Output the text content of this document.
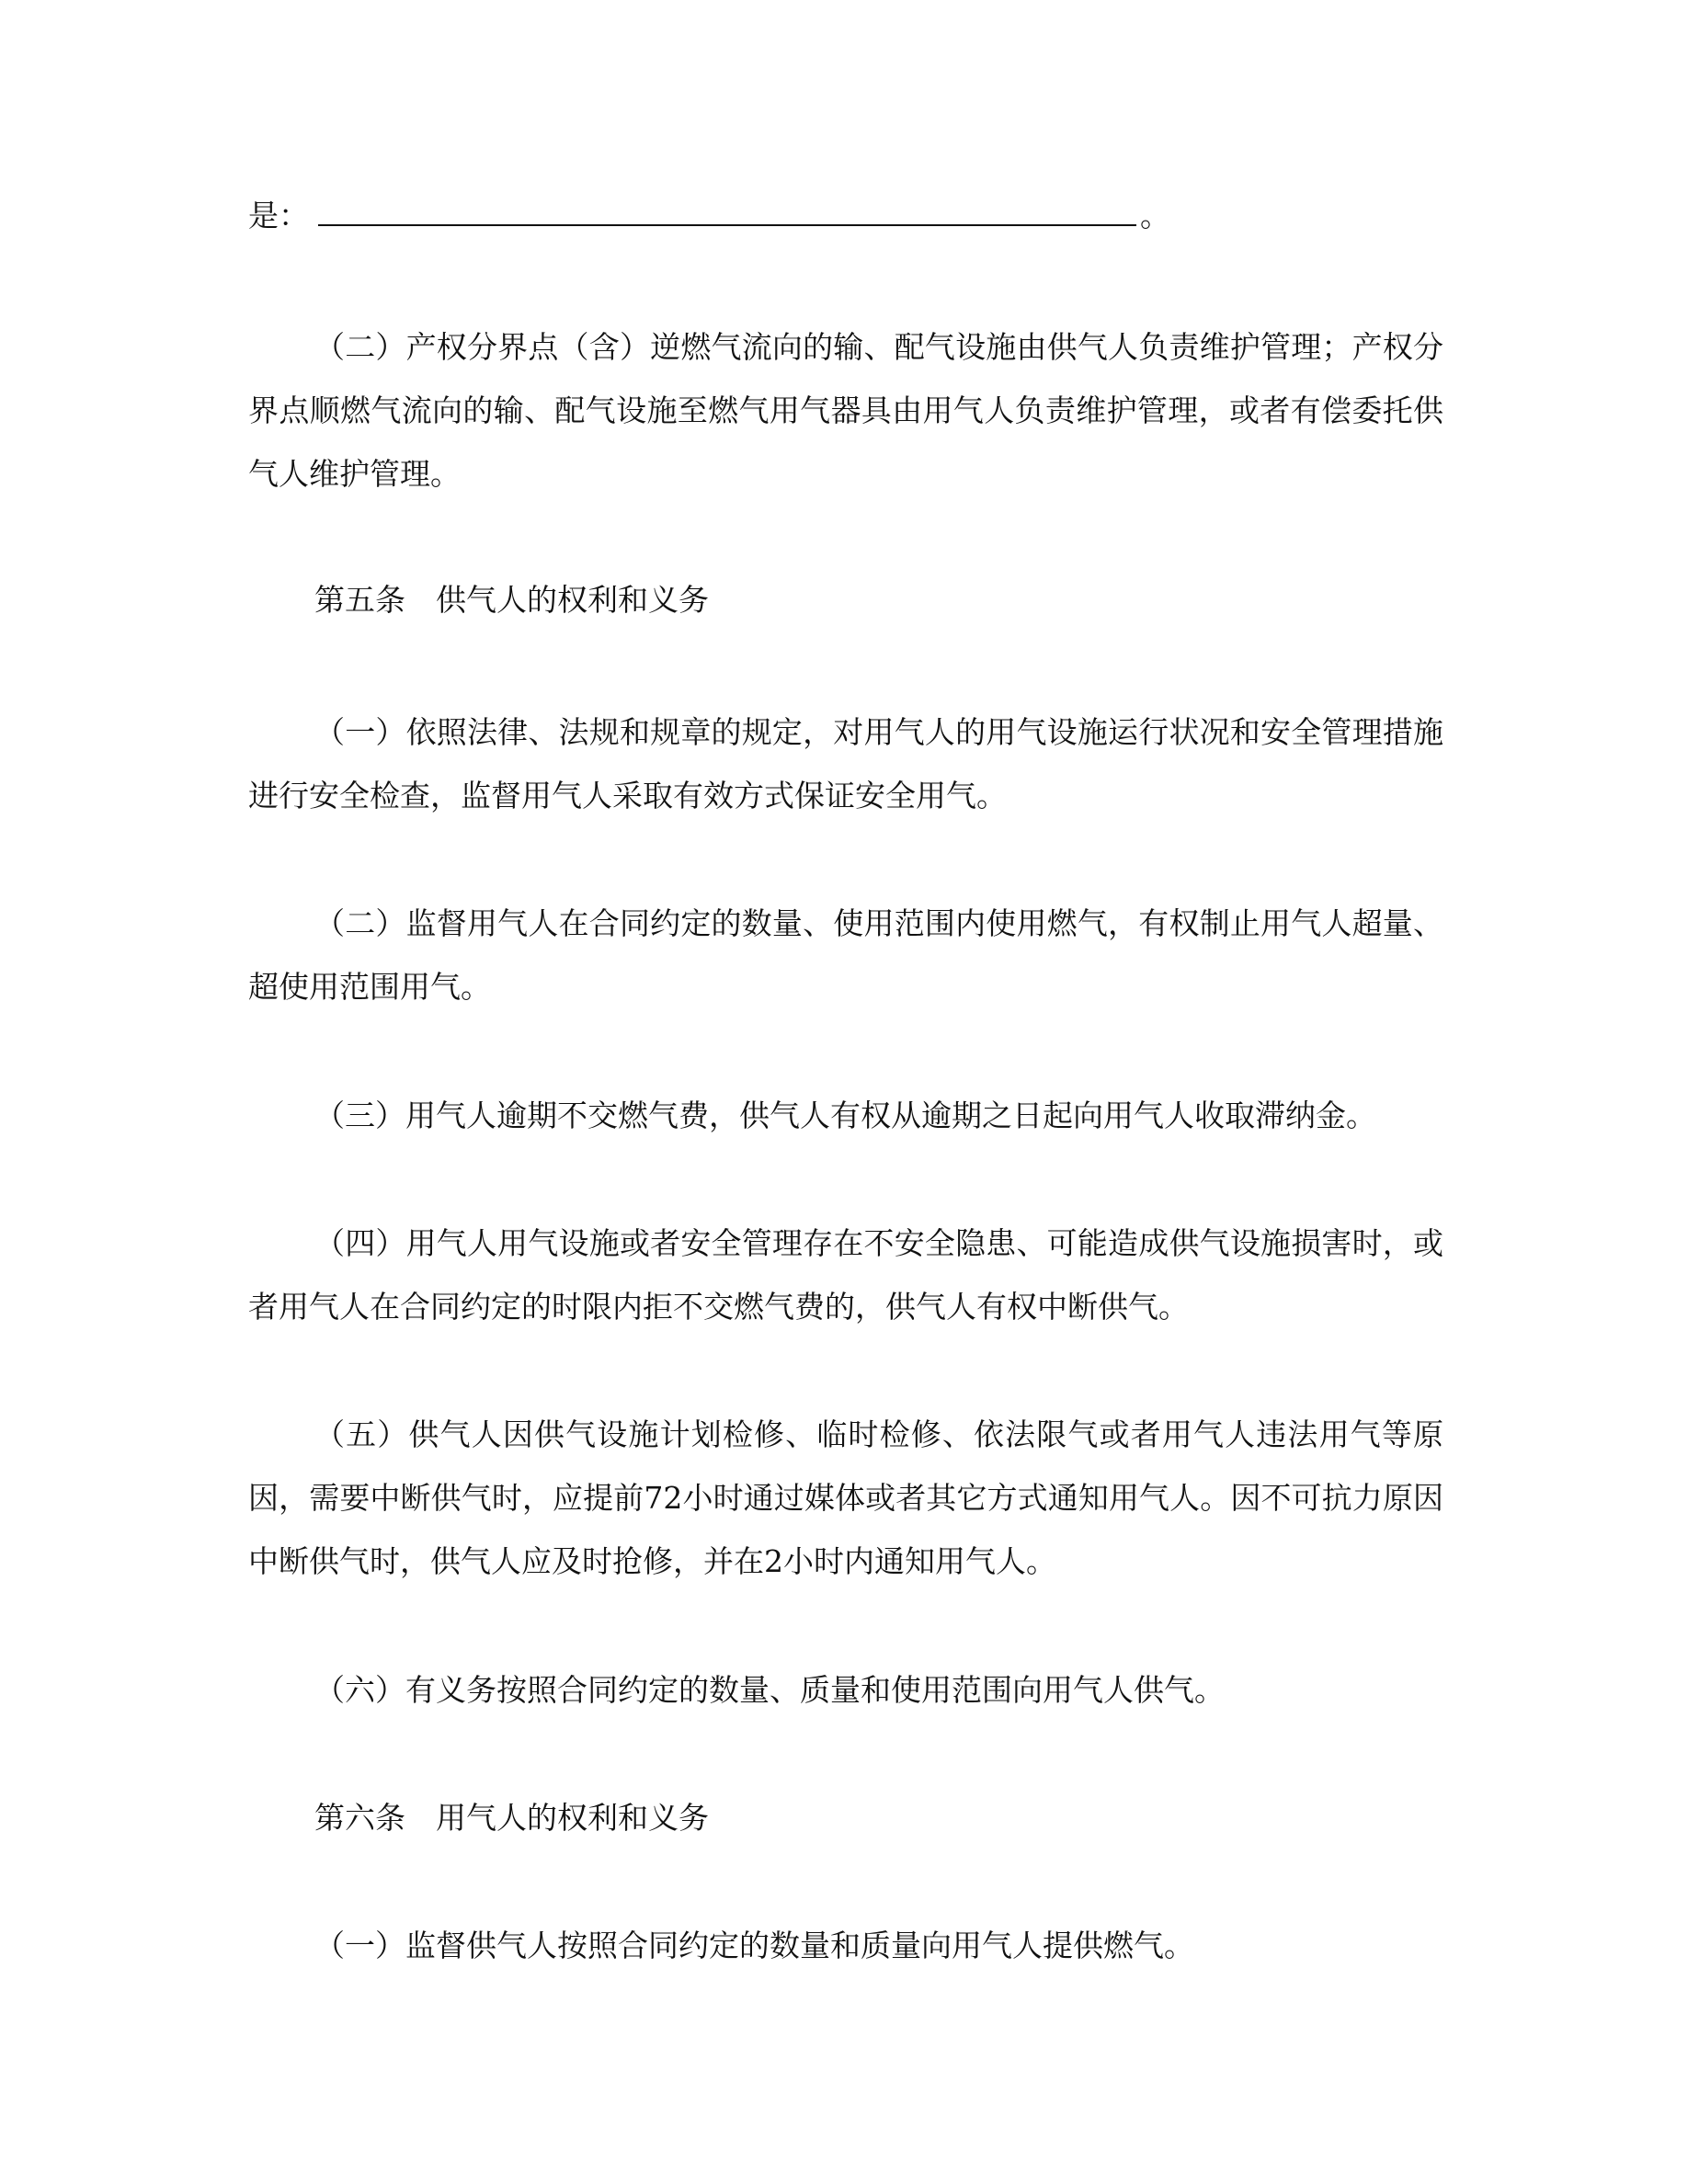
是：	。

（二）产权分界点（含）逆燃气流向的输、配气设施由供气人负责维护管理；产权分界点顺燃气流向的输、配气设施至燃气用气器具由用气人负责维护管理，或者有偿委托供气人维护管理。

第五条　供气人的权利和义务

（一）依照法律、法规和规章的规定，对用气人的用气设施运行状况和安全管理措施进行安全检查，监督用气人采取有效方式保证安全用气。

（二）监督用气人在合同约定的数量、使用范围内使用燃气，有权制止用气人超量、超使用范围用气。

（三）用气人逾期不交燃气费，供气人有权从逾期之日起向用气人收取滞纳金。

（四）用气人用气设施或者安全管理存在不安全隐患、可能造成供气设施损害时，或者用气人在合同约定的时限内拒不交燃气费的，供气人有权中断供气。

（五）供气人因供气设施计划检修、临时检修、依法限气或者用气人违法用气等原因，需要中断供气时，应提前72小时通过媒体或者其它方式通知用气人。因不可抗力原因中断供气时，供气人应及时抢修，并在2小时内通知用气人。

（六）有义务按照合同约定的数量、质量和使用范围向用气人供气。

第六条　用气人的权利和义务

（一）监督供气人按照合同约定的数量和质量向用气人提供燃气。
